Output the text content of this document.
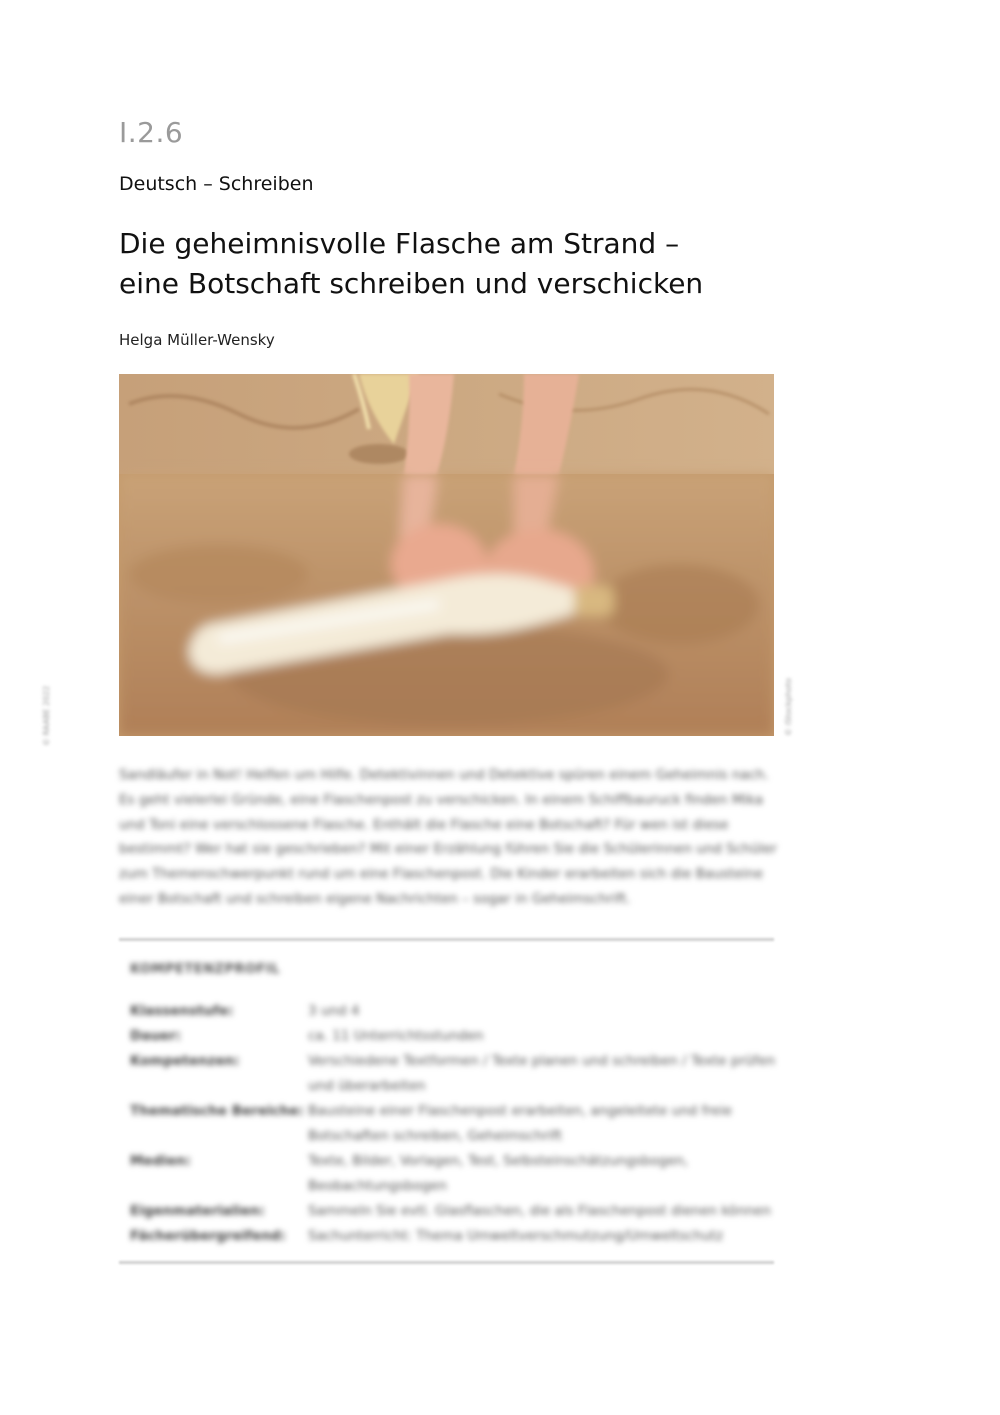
I.2.6
Deutsch – Schreiben
Die geheimnisvolle Flasche am Strand –
eine Botschaft schreiben und verschicken
Helga Müller-Wensky
© RAABE 2022	© iStockphoto
Sandläufer in Not! Helfen um Hilfe. Detektivinnen und Detektive spüren einem Geheimnis nach. Es geht vielerlei Gründe, eine Flaschenpost zu verschicken. In einem Schiffbauruck finden Mika und Toni eine verschlossene Flasche. Enthält die Flasche eine Botschaft? Für wen ist diese bestimmt? Wer hat sie geschrieben? Mit einer Erzählung führen Sie die Schülerinnen und Schüler zum Themenschwerpunkt rund um eine Flaschenpost. Die Kinder erarbeiten sich die Bausteine einer Botschaft und schreiben eigene Nachrichten – sogar in Geheimschrift.
KOMPETENZPROFIL
Klassenstufe:	3 und 4
Dauer:	ca. 11 Unterrichtsstunden
Kompetenzen:	Verschiedene Textformen / Texte planen und schreiben / Texte prüfen und überarbeiten
Thematische Bereiche:	Bausteine einer Flaschenpost erarbeiten, angeleitete und freie Botschaften schreiben, Geheimschrift
Medien:	Texte, Bilder, Vorlagen, Test, Selbsteinschätzungsbogen, Beobachtungsbogen
Eigenmaterialien:	Sammeln Sie evtl. Glasflaschen, die als Flaschenpost dienen können
Fächerübergreifend:	Sachunterricht: Thema Umweltverschmutzung/Umweltschutz
